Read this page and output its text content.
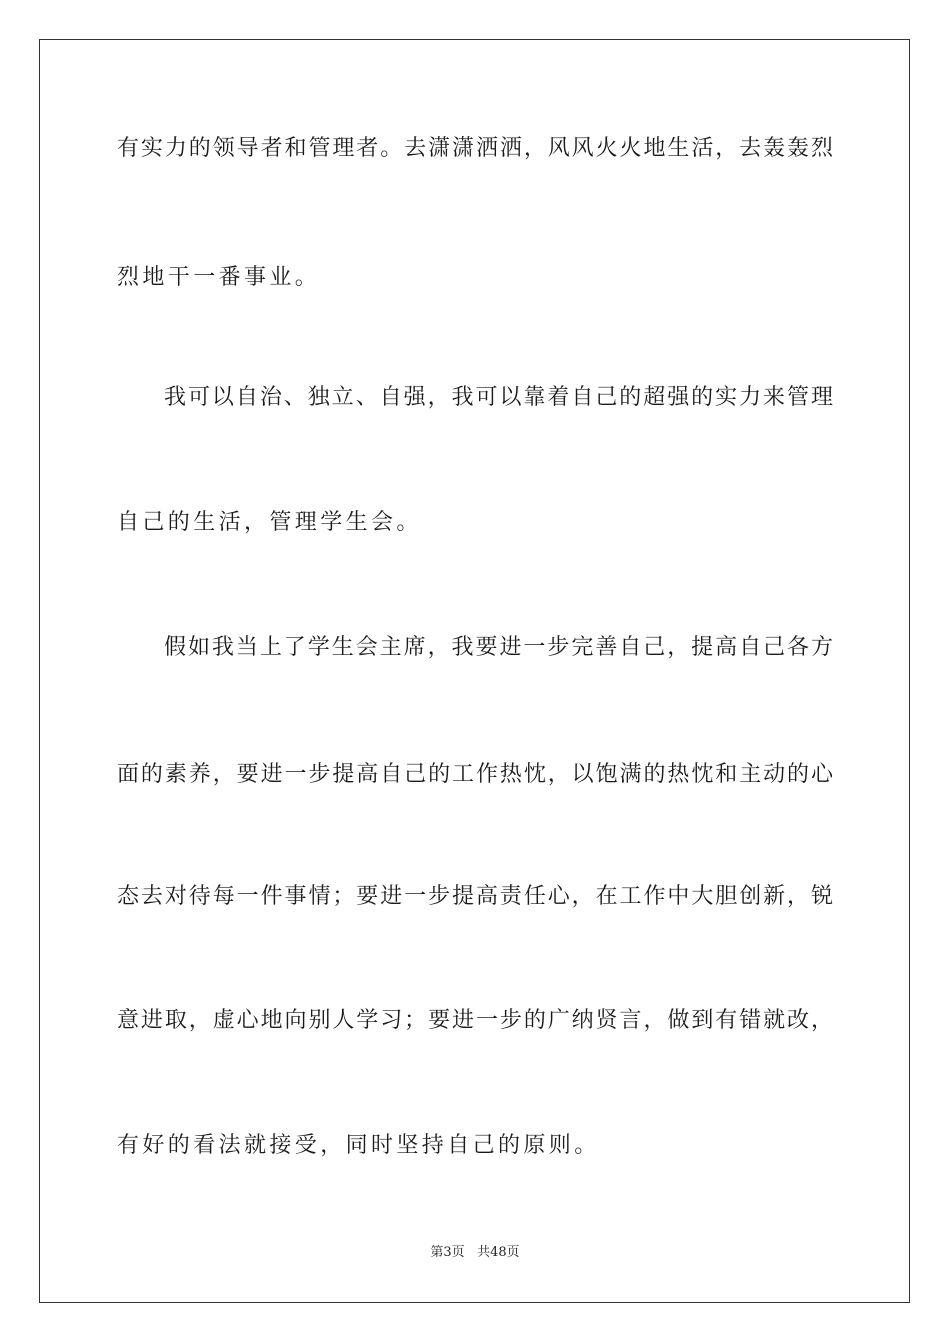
有实力的领导者和管理者。去潇潇洒洒，风风火火地生活，去轰轰烈
烈地干一番事业。
我可以自治、独立、自强，我可以靠着自己的超强的实力来管理
自己的生活，管理学生会。
假如我当上了学生会主席，我要进一步完善自己，提高自己各方
面的素养，要进一步提高自己的工作热忱，以饱满的热忱和主动的心
态去对待每一件事情；要进一步提高责任心，在工作中大胆创新，锐
意进取，虚心地向别人学习；要进一步的广纳贤言，做到有错就改，
有好的看法就接受，同时坚持自己的原则。
第3页 共48页
